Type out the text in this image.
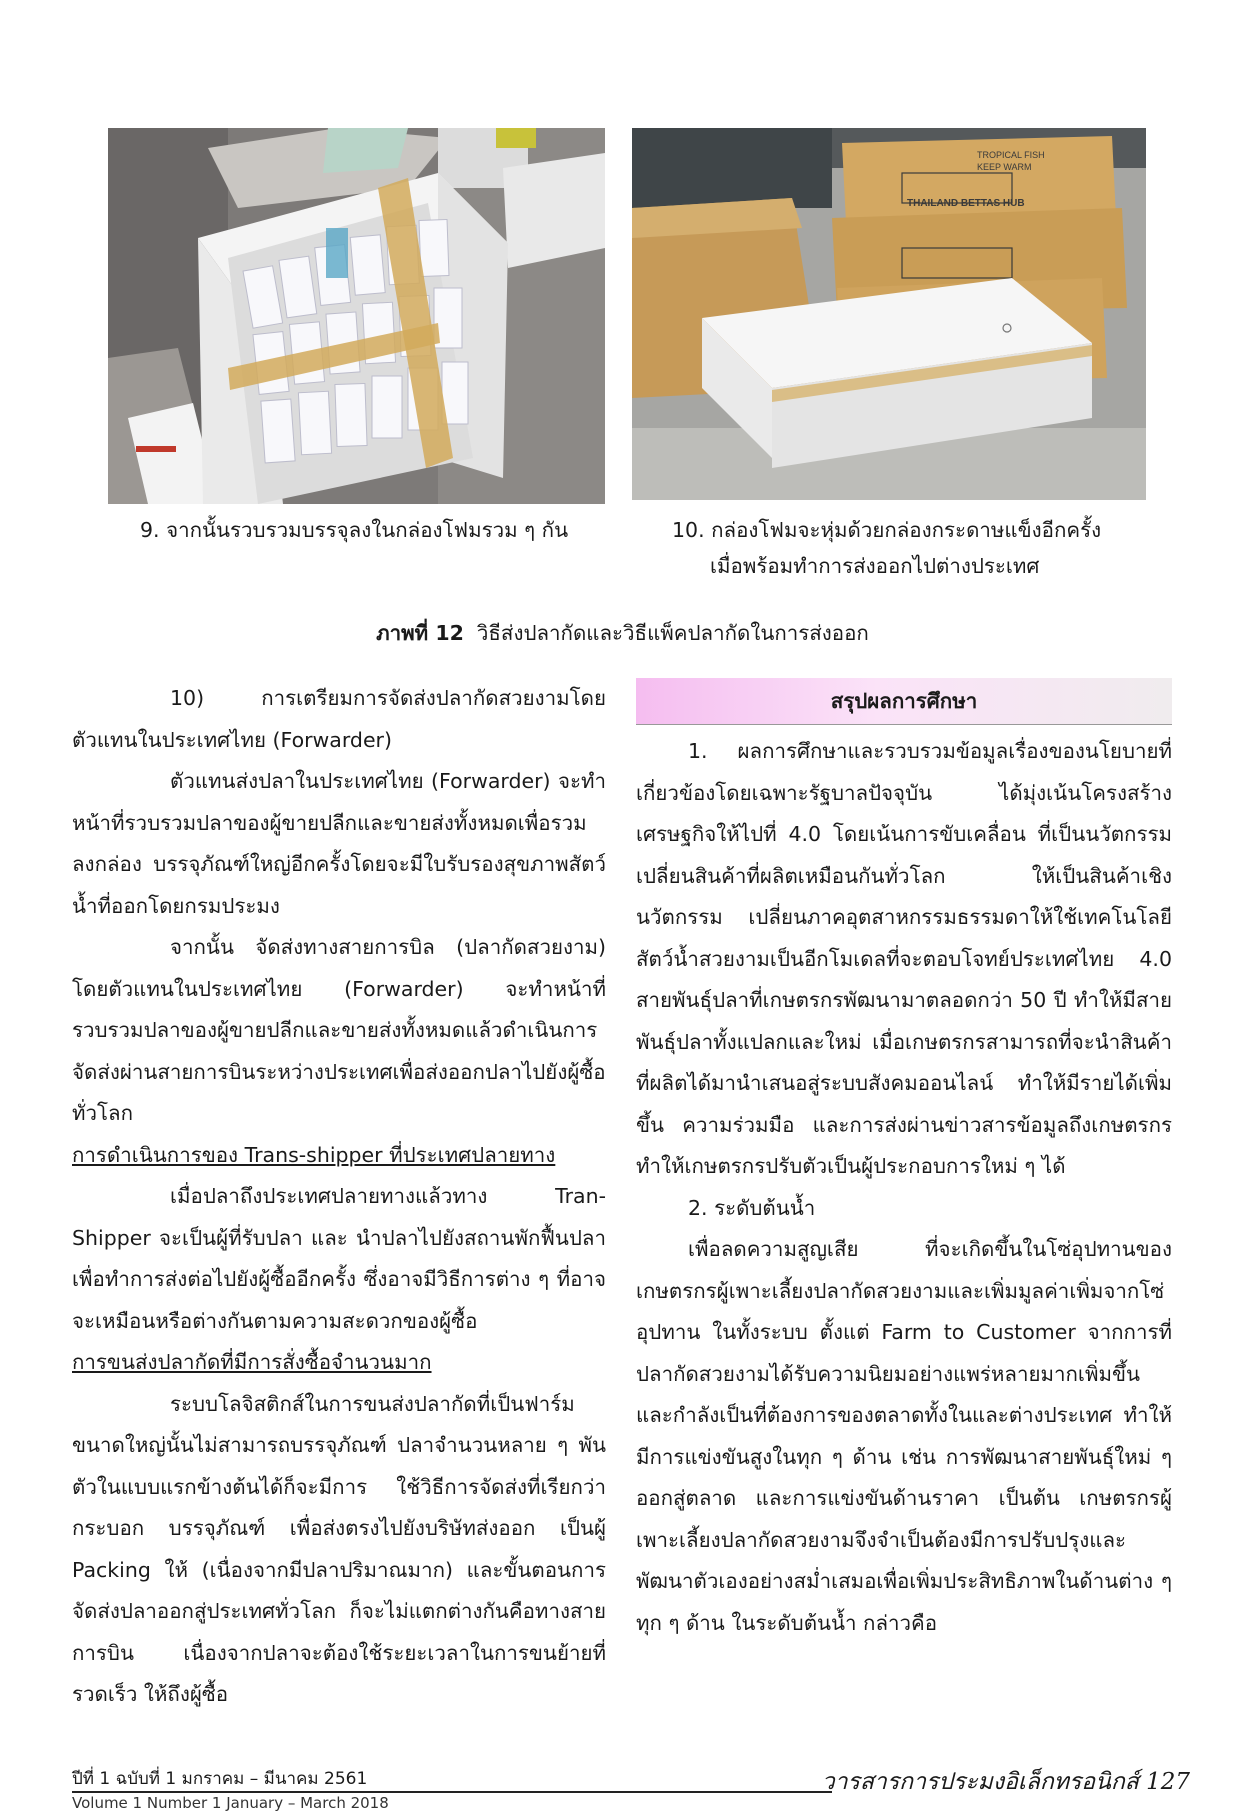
TROPICAL FISH
KEEP WARM
THAILAND BETTAS HUB
9. จากนั้นรวบรวมบรรจุลงในกล่องโฟมรวม ๆ กัน	10. กล่องโฟมจะหุ่มด้วยกล่องกระดาษแข็งอีกครั้ง
เมื่อพร้อมทำการส่งออกไปต่างประเทศ
ภาพที่ 12 วิธีส่งปลากัดและวิธีแพ็คปลากัดในการส่งออก

10) การเตรียมการจัดส่งปลากัดสวยงามโดยตัวแทนในประเทศไทย (Forwarder)

ตัวแทนส่งปลาในประเทศไทย (Forwarder) จะทำหน้าที่รวบรวมปลาของผู้ขายปลีกและขายส่งทั้งหมดเพื่อรวมลงกล่อง บรรจุภัณฑ์ใหญ่อีกครั้งโดยจะมีใบรับรองสุขภาพสัตว์น้ำที่ออกโดยกรมประมง

จากนั้น จัดส่งทางสายการบิล (ปลากัดสวยงาม) โดยตัวแทนในประเทศไทย (Forwarder) จะทำหน้าที่รวบรวมปลาของผู้ขายปลีกและขายส่งทั้งหมดแล้วดำเนินการจัดส่งผ่านสายการบินระหว่างประเทศเพื่อส่งออกปลาไปยังผู้ซื้อทั่วโลก

การดำเนินการของ Trans-shipper ที่ประเทศปลายทาง

เมื่อปลาถึงประเทศปลายทางแล้วทาง Tran-Shipper จะเป็นผู้ที่รับปลา และ นำปลาไปยังสถานพักฟื้นปลาเพื่อทำการส่งต่อไปยังผู้ซื้ออีกครั้ง ซึ่งอาจมีวิธีการต่าง ๆ ที่อาจจะเหมือนหรือต่างกันตามความสะดวกของผู้ซื้อ

การขนส่งปลากัดที่มีการสั่งซื้อจำนวนมาก

ระบบโลจิสติกส์ในการขนส่งปลากัดที่เป็นฟาร์มขนาดใหญ่นั้นไม่สามารถบรรจุภัณฑ์ ปลาจำนวนหลาย ๆ พันตัวในแบบแรกข้างต้นได้ก็จะมีการ ใช้วิธีการจัดส่งที่เรียกว่ากระบอก บรรจุภัณฑ์ เพื่อส่งตรงไปยังบริษัทส่งออก เป็นผู้ Packing ให้ (เนื่องจากมีปลาปริมาณมาก) และขั้นตอนการจัดส่งปลาออกสู่ประเทศทั่วโลก ก็จะไม่แตกต่างกันคือทางสายการบิน เนื่องจากปลาจะต้องใช้ระยะเวลาในการขนย้ายที่รวดเร็ว ให้ถึงผู้ซื้อ

สรุปผลการศึกษา

1. ผลการศึกษาและรวบรวมข้อมูลเรื่องของนโยบายที่เกี่ยวข้องโดยเฉพาะรัฐบาลปัจจุบัน ได้มุ่งเน้นโครงสร้างเศรษฐกิจให้ไปที่ 4.0 โดยเน้นการขับเคลื่อน ที่เป็นนวัตกรรม เปลี่ยนสินค้าที่ผลิตเหมือนกันทั่วโลก ให้เป็นสินค้าเชิงนวัตกรรม เปลี่ยนภาคอุตสาหกรรมธรรมดาให้ใช้เทคโนโลยี สัตว์น้ำสวยงามเป็นอีกโมเดลที่จะตอบโจทย์ประเทศไทย 4.0 สายพันธุ์ปลาที่เกษตรกรพัฒนามาตลอดกว่า 50 ปี ทำให้มีสายพันธุ์ปลาทั้งแปลกและใหม่ เมื่อเกษตรกรสามารถที่จะนำสินค้าที่ผลิตได้มานำเสนอสู่ระบบสังคมออนไลน์ ทำให้มีรายได้เพิ่มขึ้น ความร่วมมือ และการส่งผ่านข่าวสารข้อมูลถึงเกษตรกร ทำให้เกษตรกรปรับตัวเป็นผู้ประกอบการใหม่ ๆ ได้

2. ระดับต้นน้ำ

เพื่อลดความสูญเสีย ที่จะเกิดขึ้นในโซ่อุปทานของเกษตรกรผู้เพาะเลี้ยงปลากัดสวยงามและเพิ่มมูลค่าเพิ่มจากโซ่อุปทาน ในทั้งระบบ ตั้งแต่ Farm to Customer จากการที่ปลากัดสวยงามได้รับความนิยมอย่างแพร่หลายมากเพิ่มขึ้นและกำลังเป็นที่ต้องการของตลาดทั้งในและต่างประเทศ ทำให้มีการแข่งขันสูงในทุก ๆ ด้าน เช่น การพัฒนาสายพันธุ์ใหม่ ๆ ออกสู่ตลาด และการแข่งขันด้านราคา เป็นต้น เกษตรกรผู้เพาะเลี้ยงปลากัดสวยงามจึงจำเป็นต้องมีการปรับปรุงและพัฒนาตัวเองอย่างสม่ำเสมอเพื่อเพิ่มประสิทธิภาพในด้านต่าง ๆ ทุก ๆ ด้าน ในระดับต้นน้ำ กล่าวคือ

ปีที่ 1 ฉบับที่ 1 มกราคม – มีนาคม 2561
Volume 1 Number 1 January – March 2018
วารสารการประมงอิเล็กทรอนิกส์ 127
